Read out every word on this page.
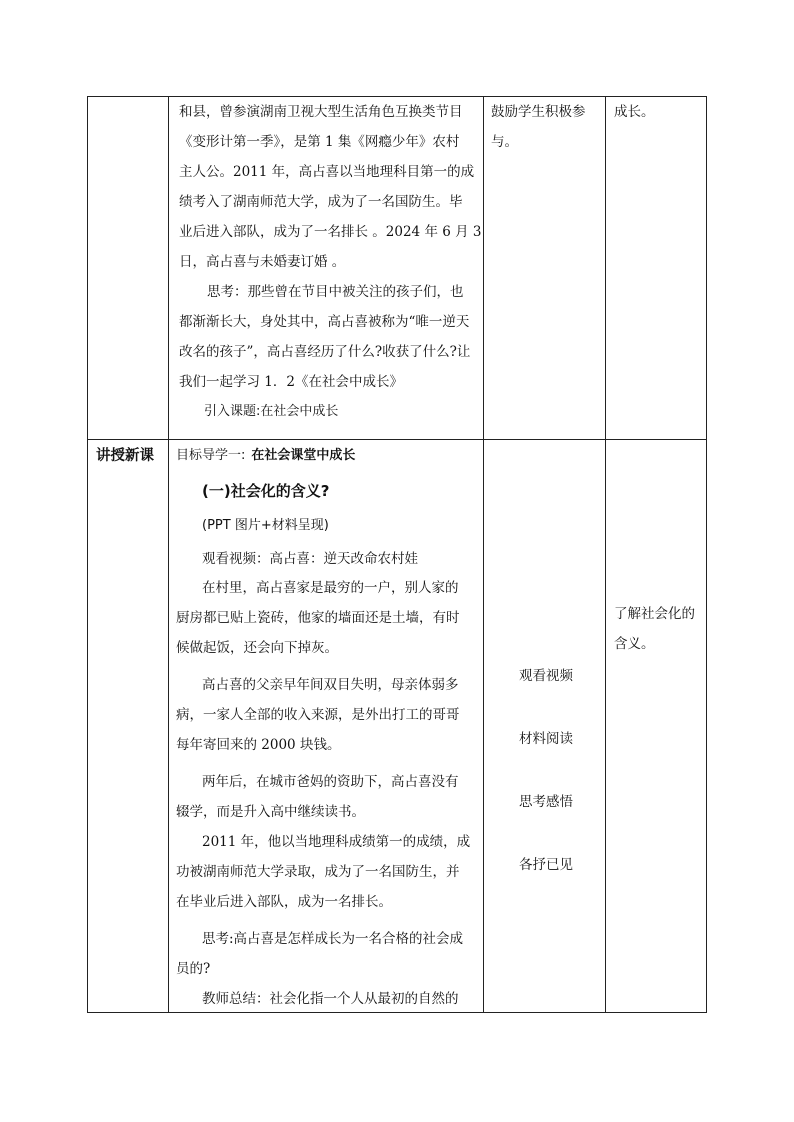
和县，曾参演湖南卫视大型生活角色互换类节目
《变形计第一季》，是第 1 集《网瘾少年》农村
主人公。2011 年，高占喜以当地理科目第一的成
绩考入了湖南师范大学，成为了一名国防生。毕
业后进入部队，成为了一名排长 。2024 年 6 月 3
日，高占喜与未婚妻订婚 。
思考：那些曾在节目中被关注的孩子们，也
都渐渐长大，身处其中，高占喜被称为“唯一逆天
改名的孩子”，高占喜经历了什么?收获了什么?让
我们一起学习 1．2《在社会中成长》
引入课题:在社会中成长
鼓励学生积极参
与。
成长。
讲授新课 目标导学一: 在社会课堂中成长
(一)社会化的含义?
(PPT 图片+材料呈现)
观看视频：高占喜：逆天改命农村娃
在村里，高占喜家是最穷的一户，别人家的
厨房都已贴上瓷砖，他家的墙面还是土墙，有时
候做起饭，还会向下掉灰。
高占喜的父亲早年间双目失明，母亲体弱多
病，一家人全部的收入来源，是外出打工的哥哥
每年寄回来的 2000 块钱。
两年后，在城市爸妈的资助下，高占喜没有
辍学，而是升入高中继续读书。
2011 年，他以当地理科成绩第一的成绩，成
功被湖南师范大学录取，成为了一名国防生，并
在毕业后进入部队，成为一名排长。
思考:高占喜是怎样成长为一名合格的社会成
员的?
教师总结：社会化指一个人从最初的自然的
观看视频
材料阅读
思考感悟
各抒已见
了解社会化的
含义。
